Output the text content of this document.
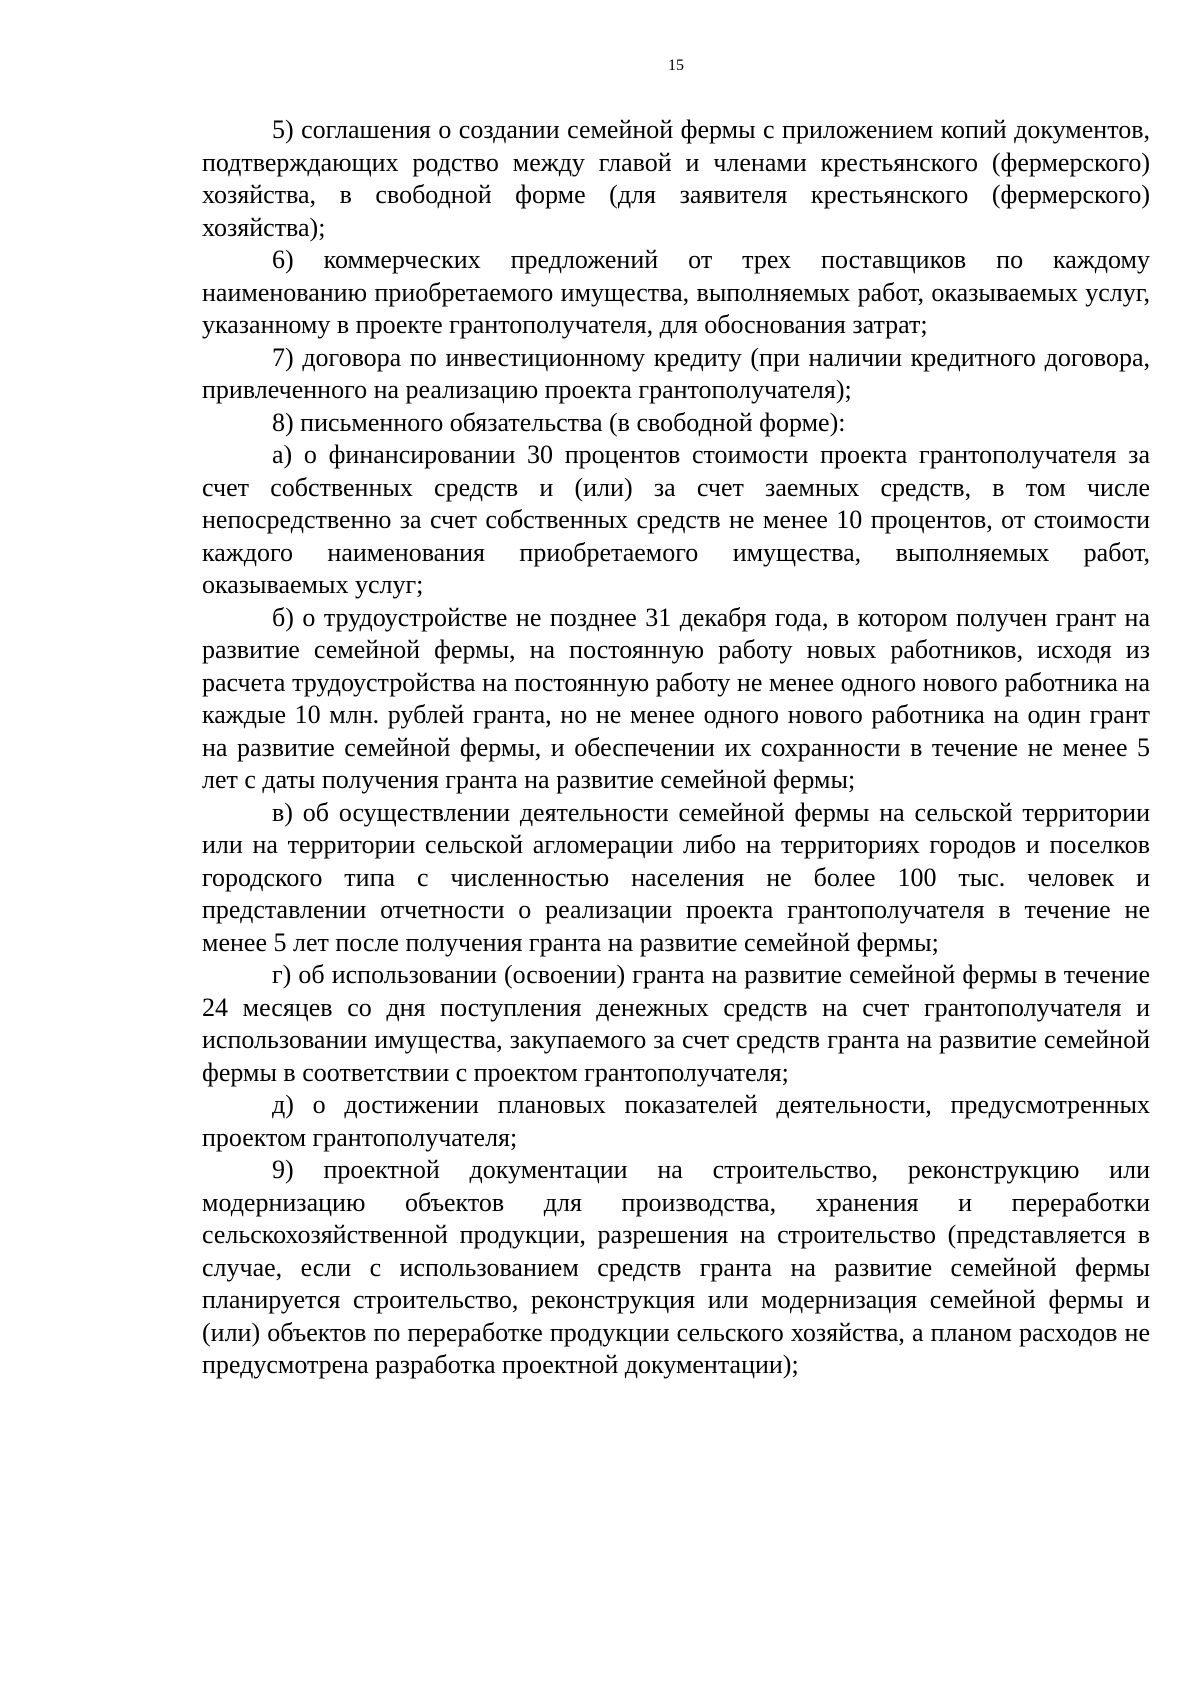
15

5) соглашения о создании семейной фермы с приложением копий документов, подтверждающих родство между главой и членами крестьянского (фермерского) хозяйства, в свободной форме (для заявителя крестьянского (фермерского) хозяйства);

6) коммерческих предложений от трех поставщиков по каждому наименованию приобретаемого имущества, выполняемых работ, оказываемых услуг, указанному в проекте грантополучателя, для обоснования затрат;

7) договора по инвестиционному кредиту (при наличии кредитного договора, привлеченного на реализацию проекта грантополучателя);

8) письменного обязательства (в свободной форме):

а) о финансировании 30 процентов стоимости проекта грантополучателя за счет собственных средств и (или) за счет заемных средств, в том числе непосредственно за счет собственных средств не менее 10 процентов, от стоимости каждого наименования приобретаемого имущества, выполняемых работ, оказываемых услуг;

б) о трудоустройстве не позднее 31 декабря года, в котором получен грант на развитие семейной фермы, на постоянную работу новых работников, исходя из расчета трудоустройства на постоянную работу не менее одного нового работника на каждые 10 млн. рублей гранта, но не менее одного нового работника на один грант на развитие семейной фермы, и обеспечении их сохранности в течение не менее 5 лет с даты получения гранта на развитие семейной фермы;

в) об осуществлении деятельности семейной фермы на сельской территории или на территории сельской агломерации либо на территориях городов и поселков городского типа с численностью населения не более 100 тыс. человек и представлении отчетности о реализации проекта грантополучателя в течение не менее 5 лет после получения гранта на развитие семейной фермы;

г) об использовании (освоении) гранта на развитие семейной фермы в течение 24 месяцев со дня поступления денежных средств на счет грантополучателя и использовании имущества, закупаемого за счет средств гранта на развитие семейной фермы в соответствии с проектом грантополучателя;

д) о достижении плановых показателей деятельности, предусмотренных проектом грантополучателя;

9) проектной документации на строительство, реконструкцию или модернизацию объектов для производства, хранения и переработки сельскохозяйственной продукции, разрешения на строительство (представляется в случае, если с использованием средств гранта на развитие семейной фермы планируется строительство, реконструкция или модернизация семейной фермы и (или) объектов по переработке продукции сельского хозяйства, а планом расходов не предусмотрена разработка проектной документации);
